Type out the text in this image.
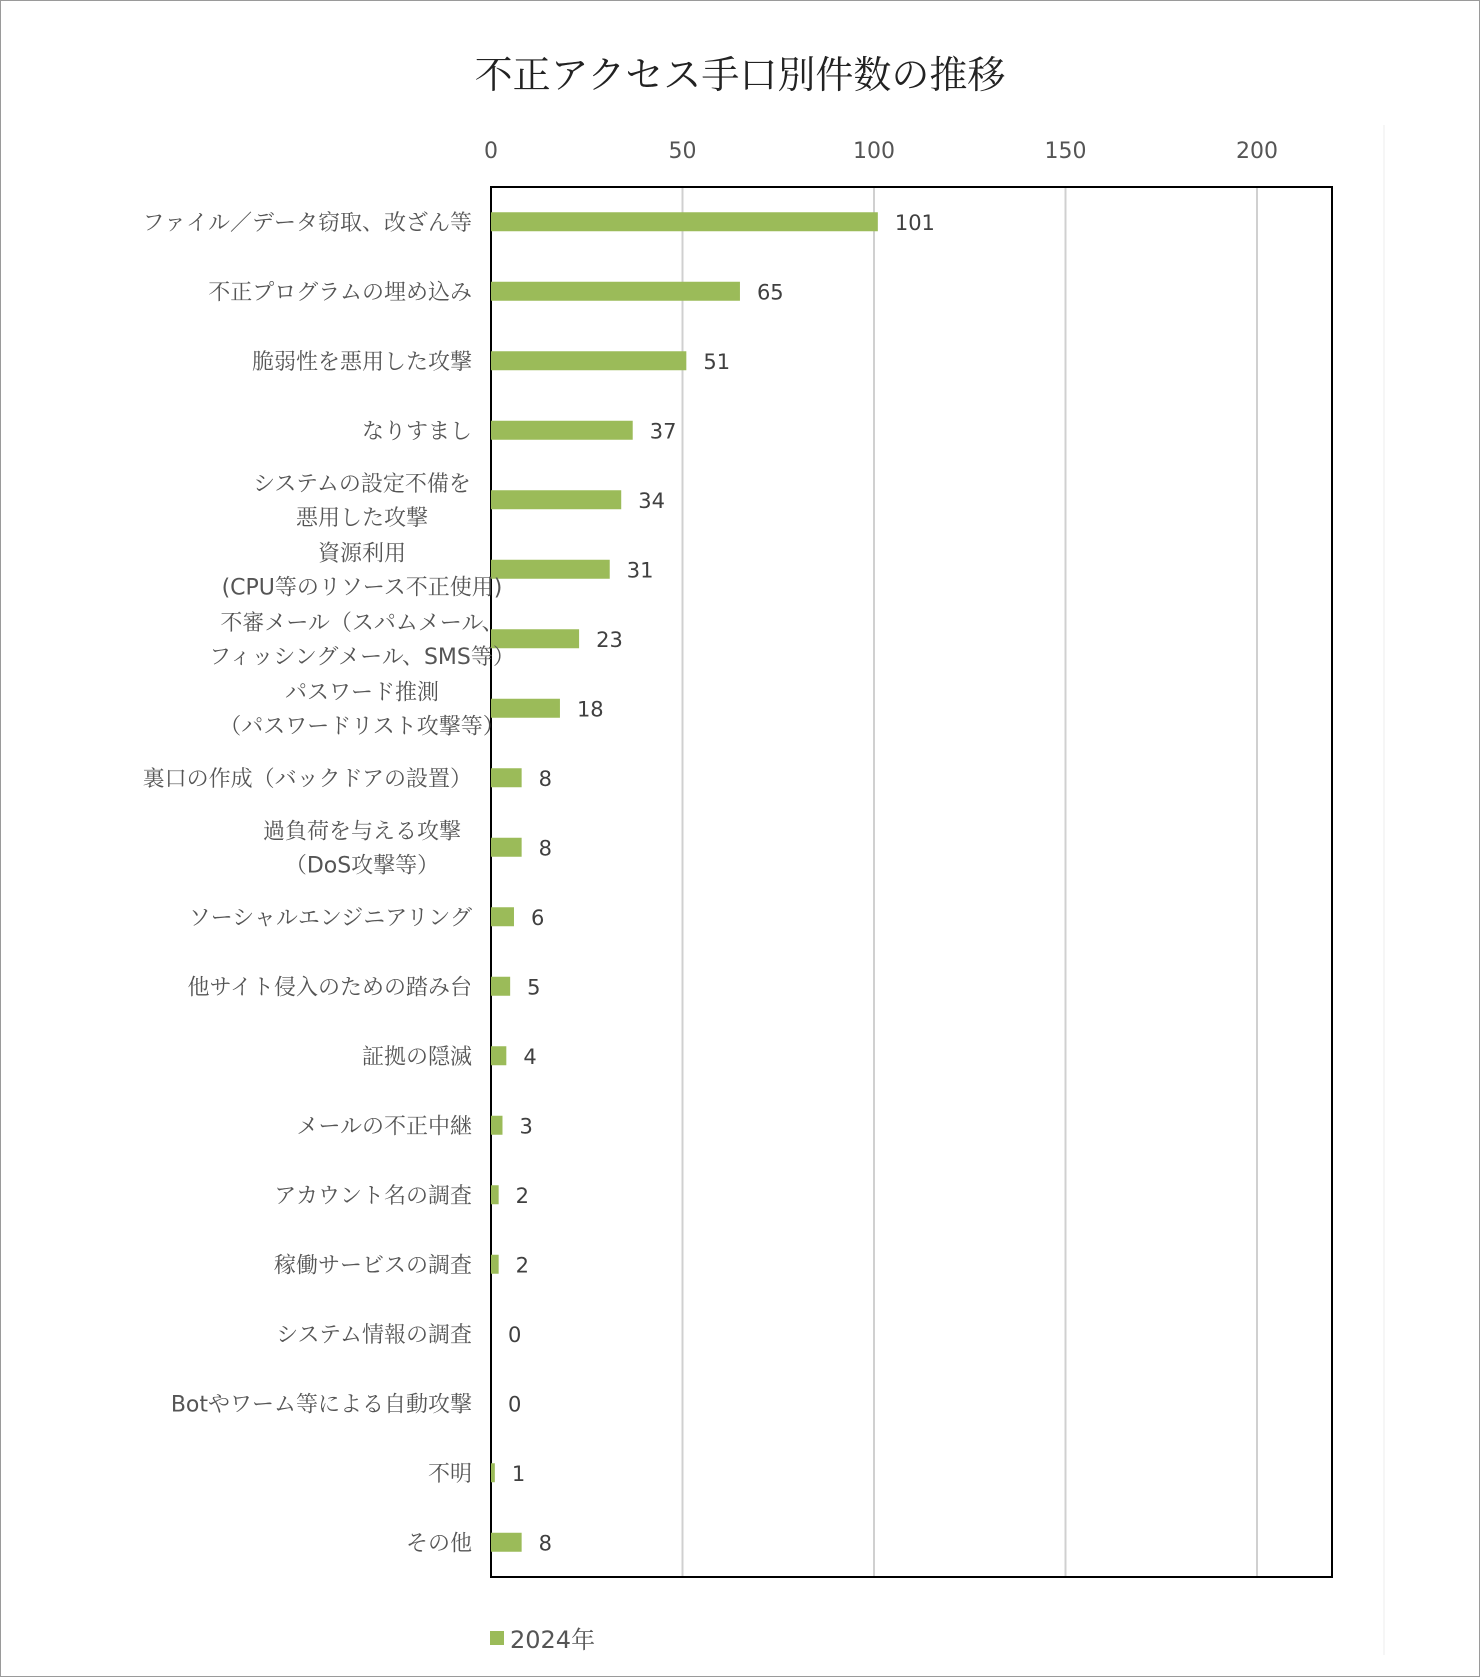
不正アクセス手口別件数の推移
0	50	100	150	200
101
ファイル／データ窃取、改ざん等
65
不正プログラムの埋め込み
51
脆弱性を悪用した攻撃
37
なりすまし
34
システムの設定不備を
悪用した攻撃
31
資源利用
(CPU等のリソース不正使用)
23
不審メール（スパムメール、
フィッシングメール、SMS等）
18
パスワード推測
（パスワードリスト攻撃等）
8
裏口の作成（バックドアの設置）
8
過負荷を与える攻撃
（DoS攻撃等）
6
ソーシャルエンジニアリング
5
他サイト侵入のための踏み台
4
証拠の隠滅
3
メールの不正中継
2
アカウント名の調査
2
稼働サービスの調査
0
システム情報の調査
0
Botやワーム等による自動攻撃
1
不明
8
その他
2024年
